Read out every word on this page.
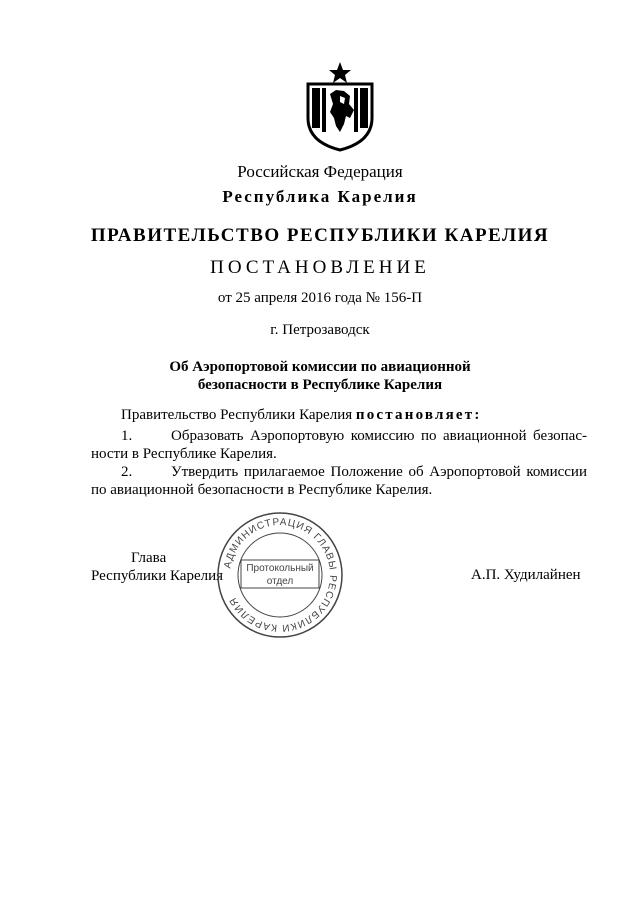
Российская Федерация
Республика Карелия
ПРАВИТЕЛЬСТВО РЕСПУБЛИКИ КАРЕЛИЯ
ПОСТАНОВЛЕНИЕ
от 25 апреля 2016 года № 156-П
г. Петрозаводск
Об Аэропортовой комиссии по авиационной
безопасности в Республике Карелия
Правительство Республики Карелия постановляет:
1.	Образовать Аэропортовую комиссию по авиационной безопас-
ности в Республике Карелия.
2.	Утвердить прилагаемое Положение об Аэропортовой комиссии
по авиационной безопасности в Республике Карелия.
Глава
Республики Карелия	А.П. Худилайнен
АДМИНИСТРАЦИЯ ГЛАВЫ РЕСПУБЛИКИ КАРЕЛИЯ
Протокольный
отдел
